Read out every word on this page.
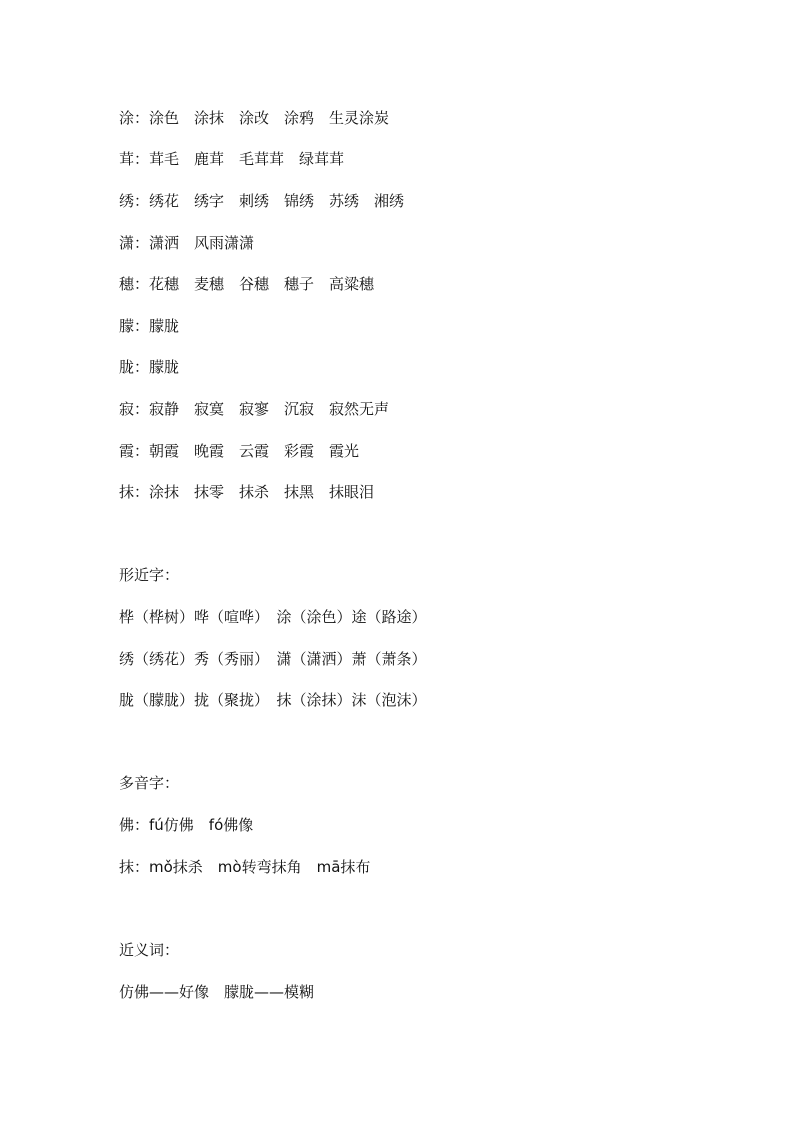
涂：涂色　涂抹　涂改　涂鸦　生灵涂炭
茸：茸毛　鹿茸　毛茸茸　绿茸茸
绣：绣花　绣字　刺绣　锦绣　苏绣　湘绣
潇：潇洒　风雨潇潇
穗：花穗　麦穗　谷穗　穗子　高粱穗
朦：朦胧
胧：朦胧
寂：寂静　寂寞　寂寥　沉寂　寂然无声
霞：朝霞　晚霞　云霞　彩霞　霞光
抹：涂抹　抹零　抹杀　抹黑　抹眼泪
形近字：
桦（桦树）哗（喧哗）　涂（涂色）途（路途）
绣（绣花）秀（秀丽）　潇（潇洒）萧（萧条）
胧（朦胧）拢（聚拢）　抹（涂抹）沫（泡沫）
多音字：
佛：fú仿佛　fó佛像
抹：mǒ抹杀　mò转弯抹角　mā抹布
近义词：
仿佛——好像　朦胧——模糊
